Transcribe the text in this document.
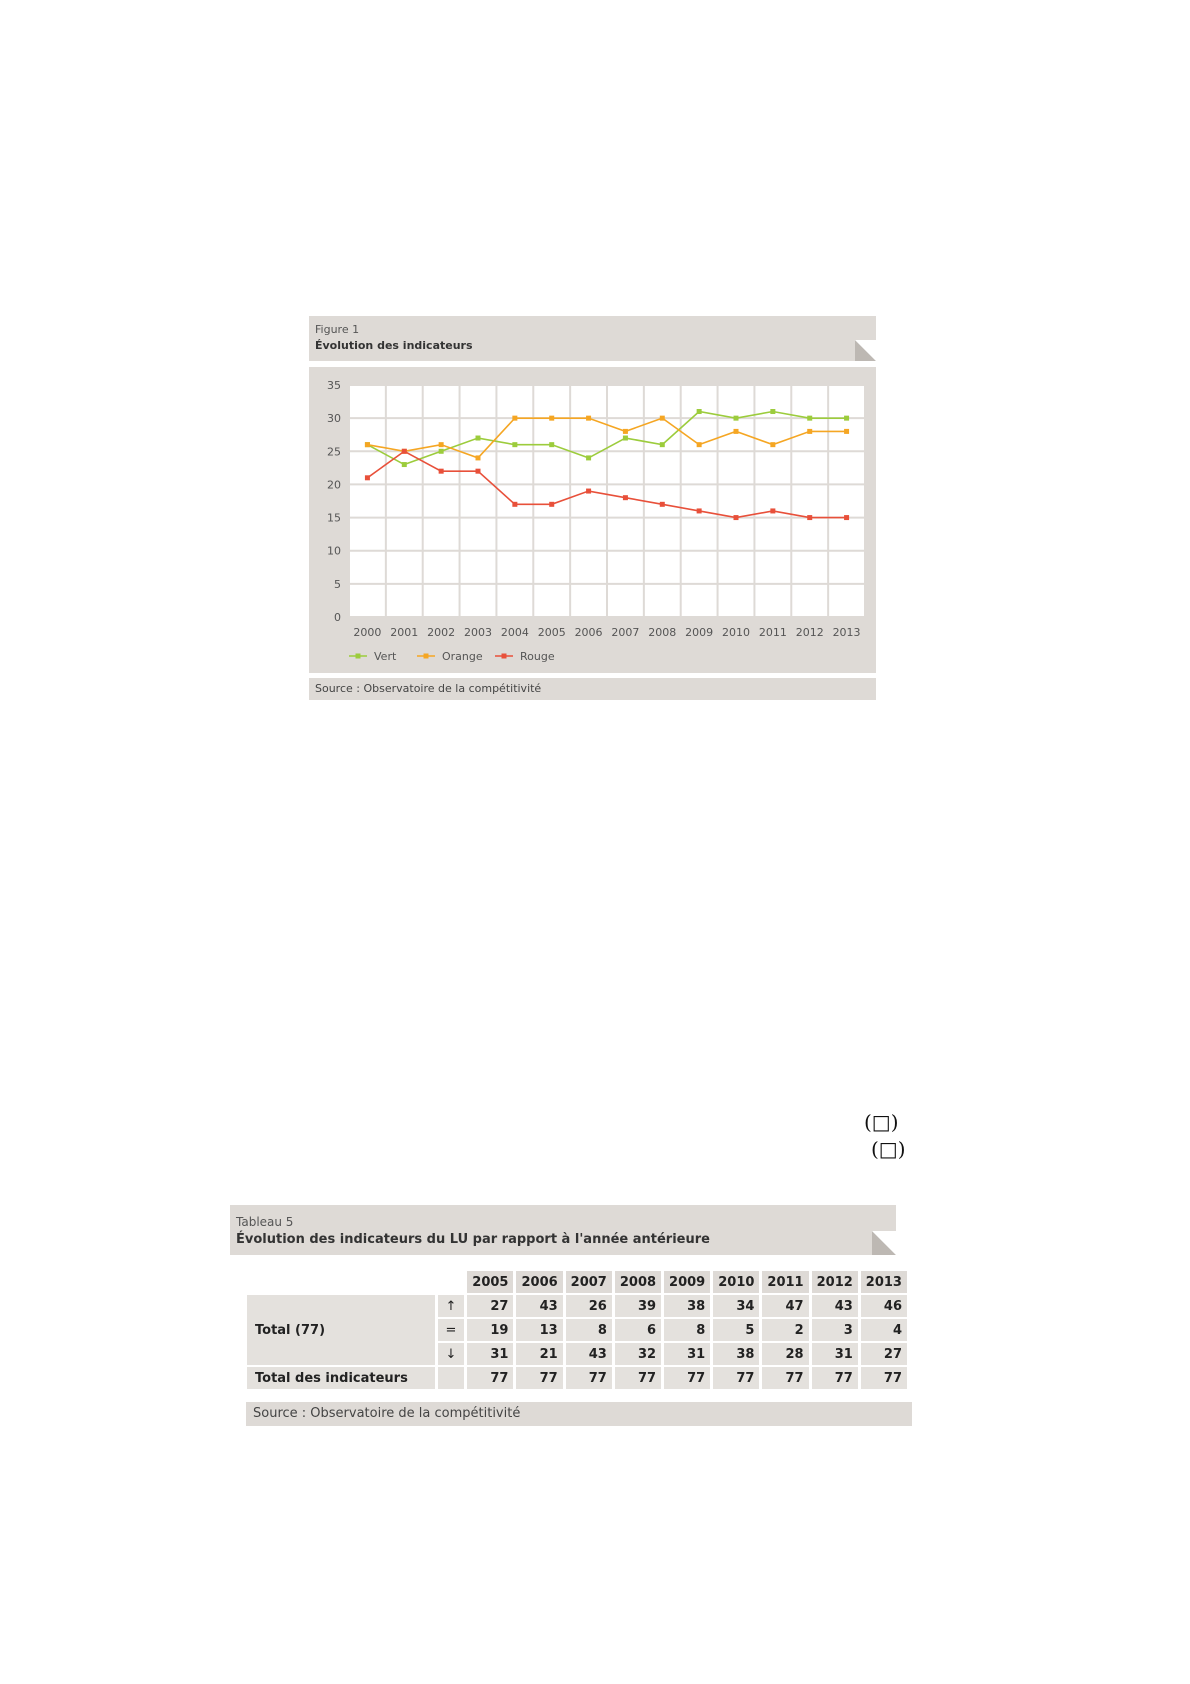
Figure 1
Évolution des indicateurs
0
5
10
15
20
25
30
35
2000 2001 2002 2003 2004 2005 2006 2007 2008 2009 2010 2011 2012 2013
Vert	Orange	Rouge
Source : Observatoire de la compétitivité
(□)
(□)
Tableau 5
Évolution des indicateurs du LU par rapport à l'année antérieure
		2005	2006	2007	2008	2009	2010	2011	2012	2013
Total (77)	↑	27	43	26	39	38	34	47	43	46
	=	19	13	8	6	8	5	2	3	4
	↓	31	21	43	32	31	38	28	31	27
Total des indicateurs		77	77	77	77	77	77	77	77	77
Source : Observatoire de la compétitivité
